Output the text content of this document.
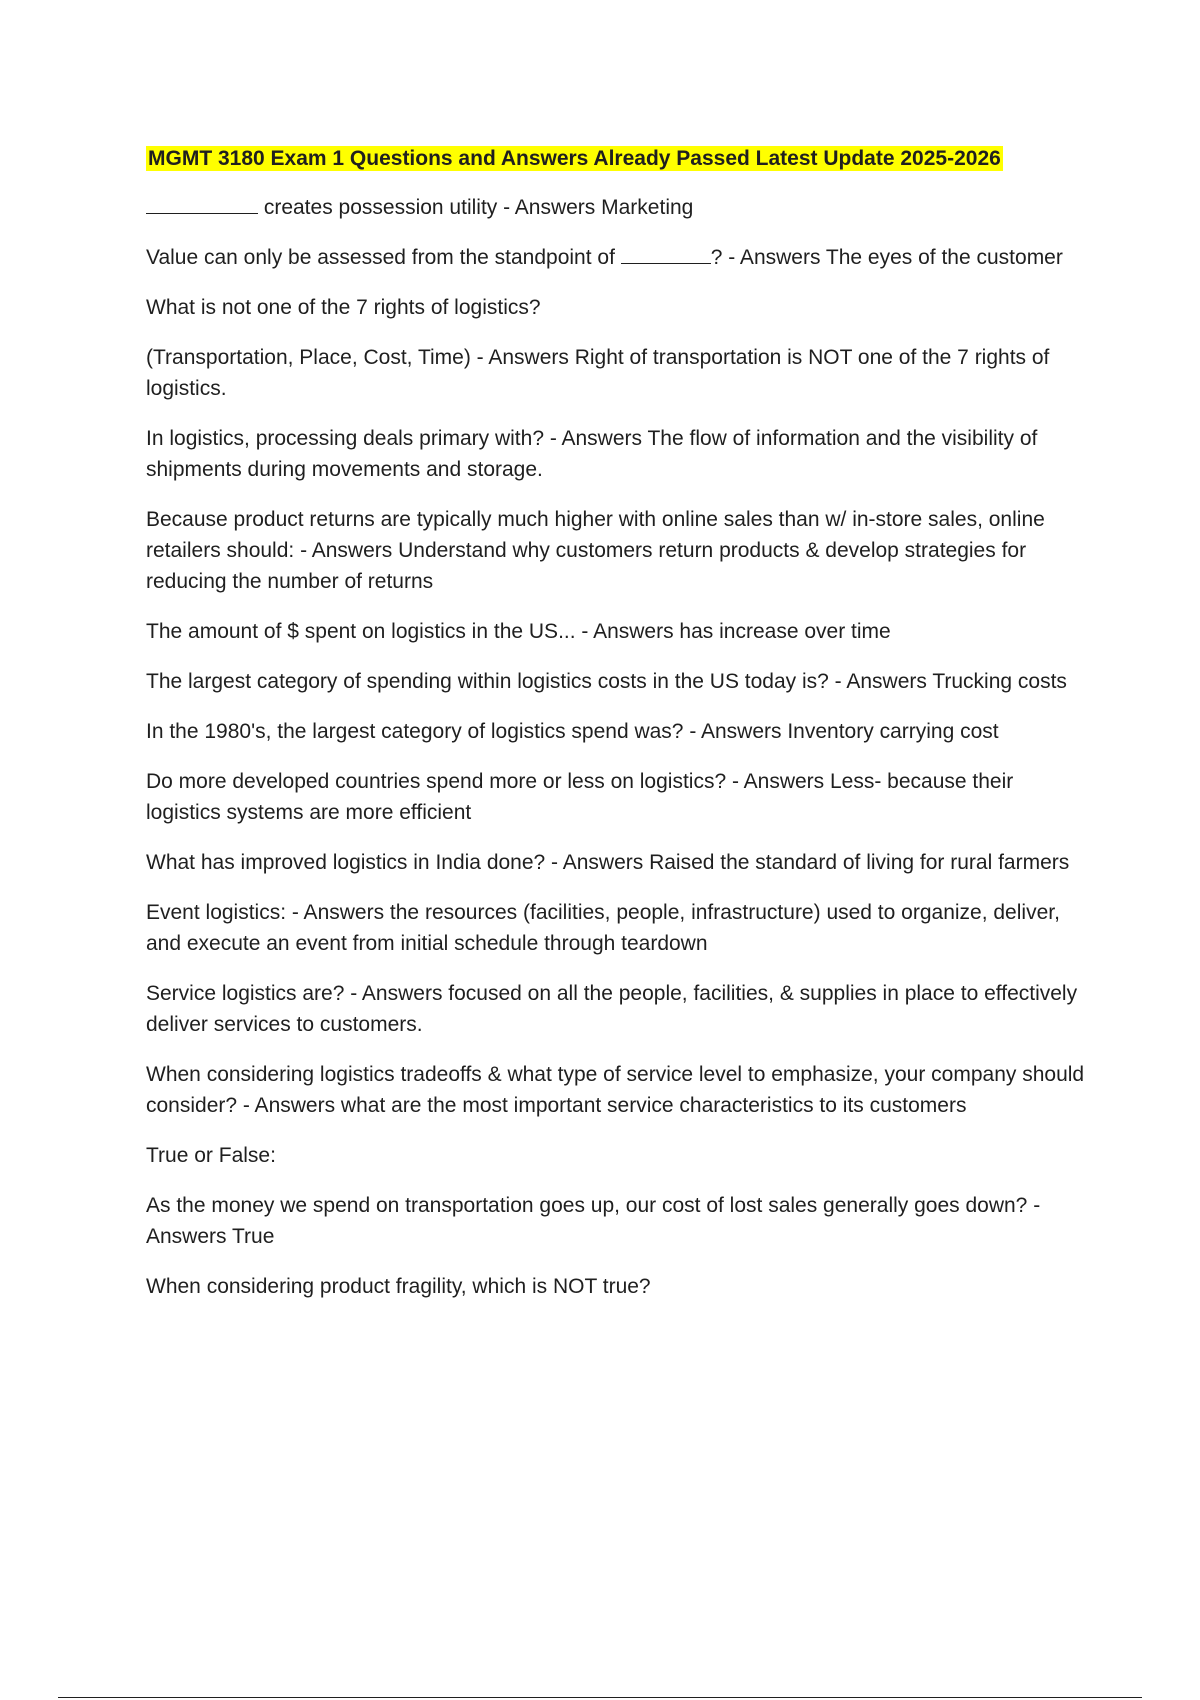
MGMT 3180 Exam 1 Questions and Answers Already Passed Latest Update 2025-2026

creates possession utility - Answers Marketing

Value can only be assessed from the standpoint of	? - Answers The eyes of the customer

What is not one of the 7 rights of logistics?

(Transportation, Place, Cost, Time) - Answers Right of transportation is NOT one of the 7 rights of logistics.

In logistics, processing deals primary with? - Answers The flow of information and the visibility of shipments during movements and storage.

Because product returns are typically much higher with online sales than w/ in-store sales, online retailers should: - Answers Understand why customers return products & develop strategies for reducing the number of returns

The amount of $ spent on logistics in the US... - Answers has increase over time

The largest category of spending within logistics costs in the US today is? - Answers Trucking costs

In the 1980's, the largest category of logistics spend was? - Answers Inventory carrying cost

Do more developed countries spend more or less on logistics? - Answers Less- because their logistics systems are more efficient

What has improved logistics in India done? - Answers Raised the standard of living for rural farmers

Event logistics: - Answers the resources (facilities, people, infrastructure) used to organize, deliver, and execute an event from initial schedule through teardown

Service logistics are? - Answers focused on all the people, facilities, & supplies in place to effectively deliver services to customers.

When considering logistics tradeoffs & what type of service level to emphasize, your company should consider? - Answers what are the most important service characteristics to its customers

True or False:

As the money we spend on transportation goes up, our cost of lost sales generally goes down? - Answers True

When considering product fragility, which is NOT true?
